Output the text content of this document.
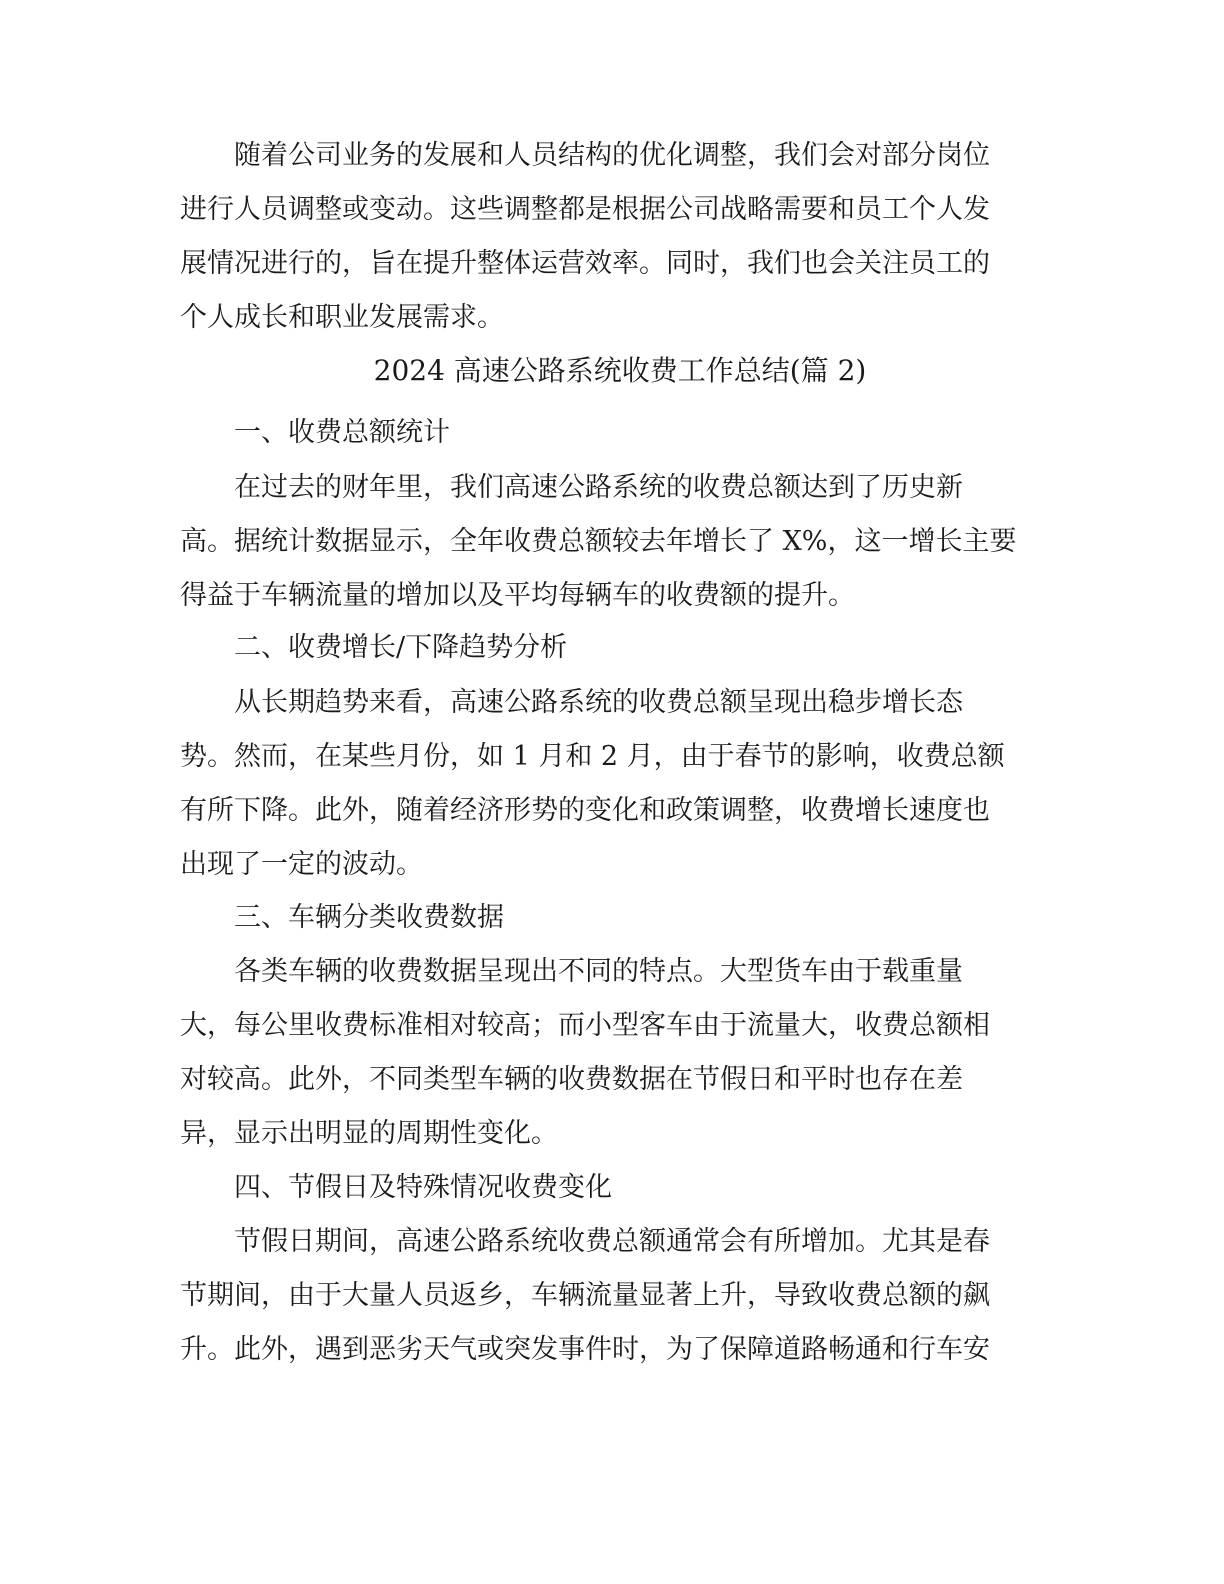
随着公司业务的发展和人员结构的优化调整，我们会对部分岗位
进行人员调整或变动。这些调整都是根据公司战略需要和员工个人发
展情况进行的，旨在提升整体运营效率。同时，我们也会关注员工的
个人成长和职业发展需求。
2024 高速公路系统收费工作总结(篇 2)
一、收费总额统计
在过去的财年里，我们高速公路系统的收费总额达到了历史新
高。据统计数据显示，全年收费总额较去年增长了 X%，这一增长主要
得益于车辆流量的增加以及平均每辆车的收费额的提升。
二、收费增长/下降趋势分析
从长期趋势来看，高速公路系统的收费总额呈现出稳步增长态
势。然而，在某些月份，如 1 月和 2 月，由于春节的影响，收费总额
有所下降。此外，随着经济形势的变化和政策调整，收费增长速度也
出现了一定的波动。
三、车辆分类收费数据
各类车辆的收费数据呈现出不同的特点。大型货车由于载重量
大，每公里收费标准相对较高；而小型客车由于流量大，收费总额相
对较高。此外，不同类型车辆的收费数据在节假日和平时也存在差
异，显示出明显的周期性变化。
四、节假日及特殊情况收费变化
节假日期间，高速公路系统收费总额通常会有所增加。尤其是春
节期间，由于大量人员返乡，车辆流量显著上升，导致收费总额的飙
升。此外，遇到恶劣天气或突发事件时，为了保障道路畅通和行车安
